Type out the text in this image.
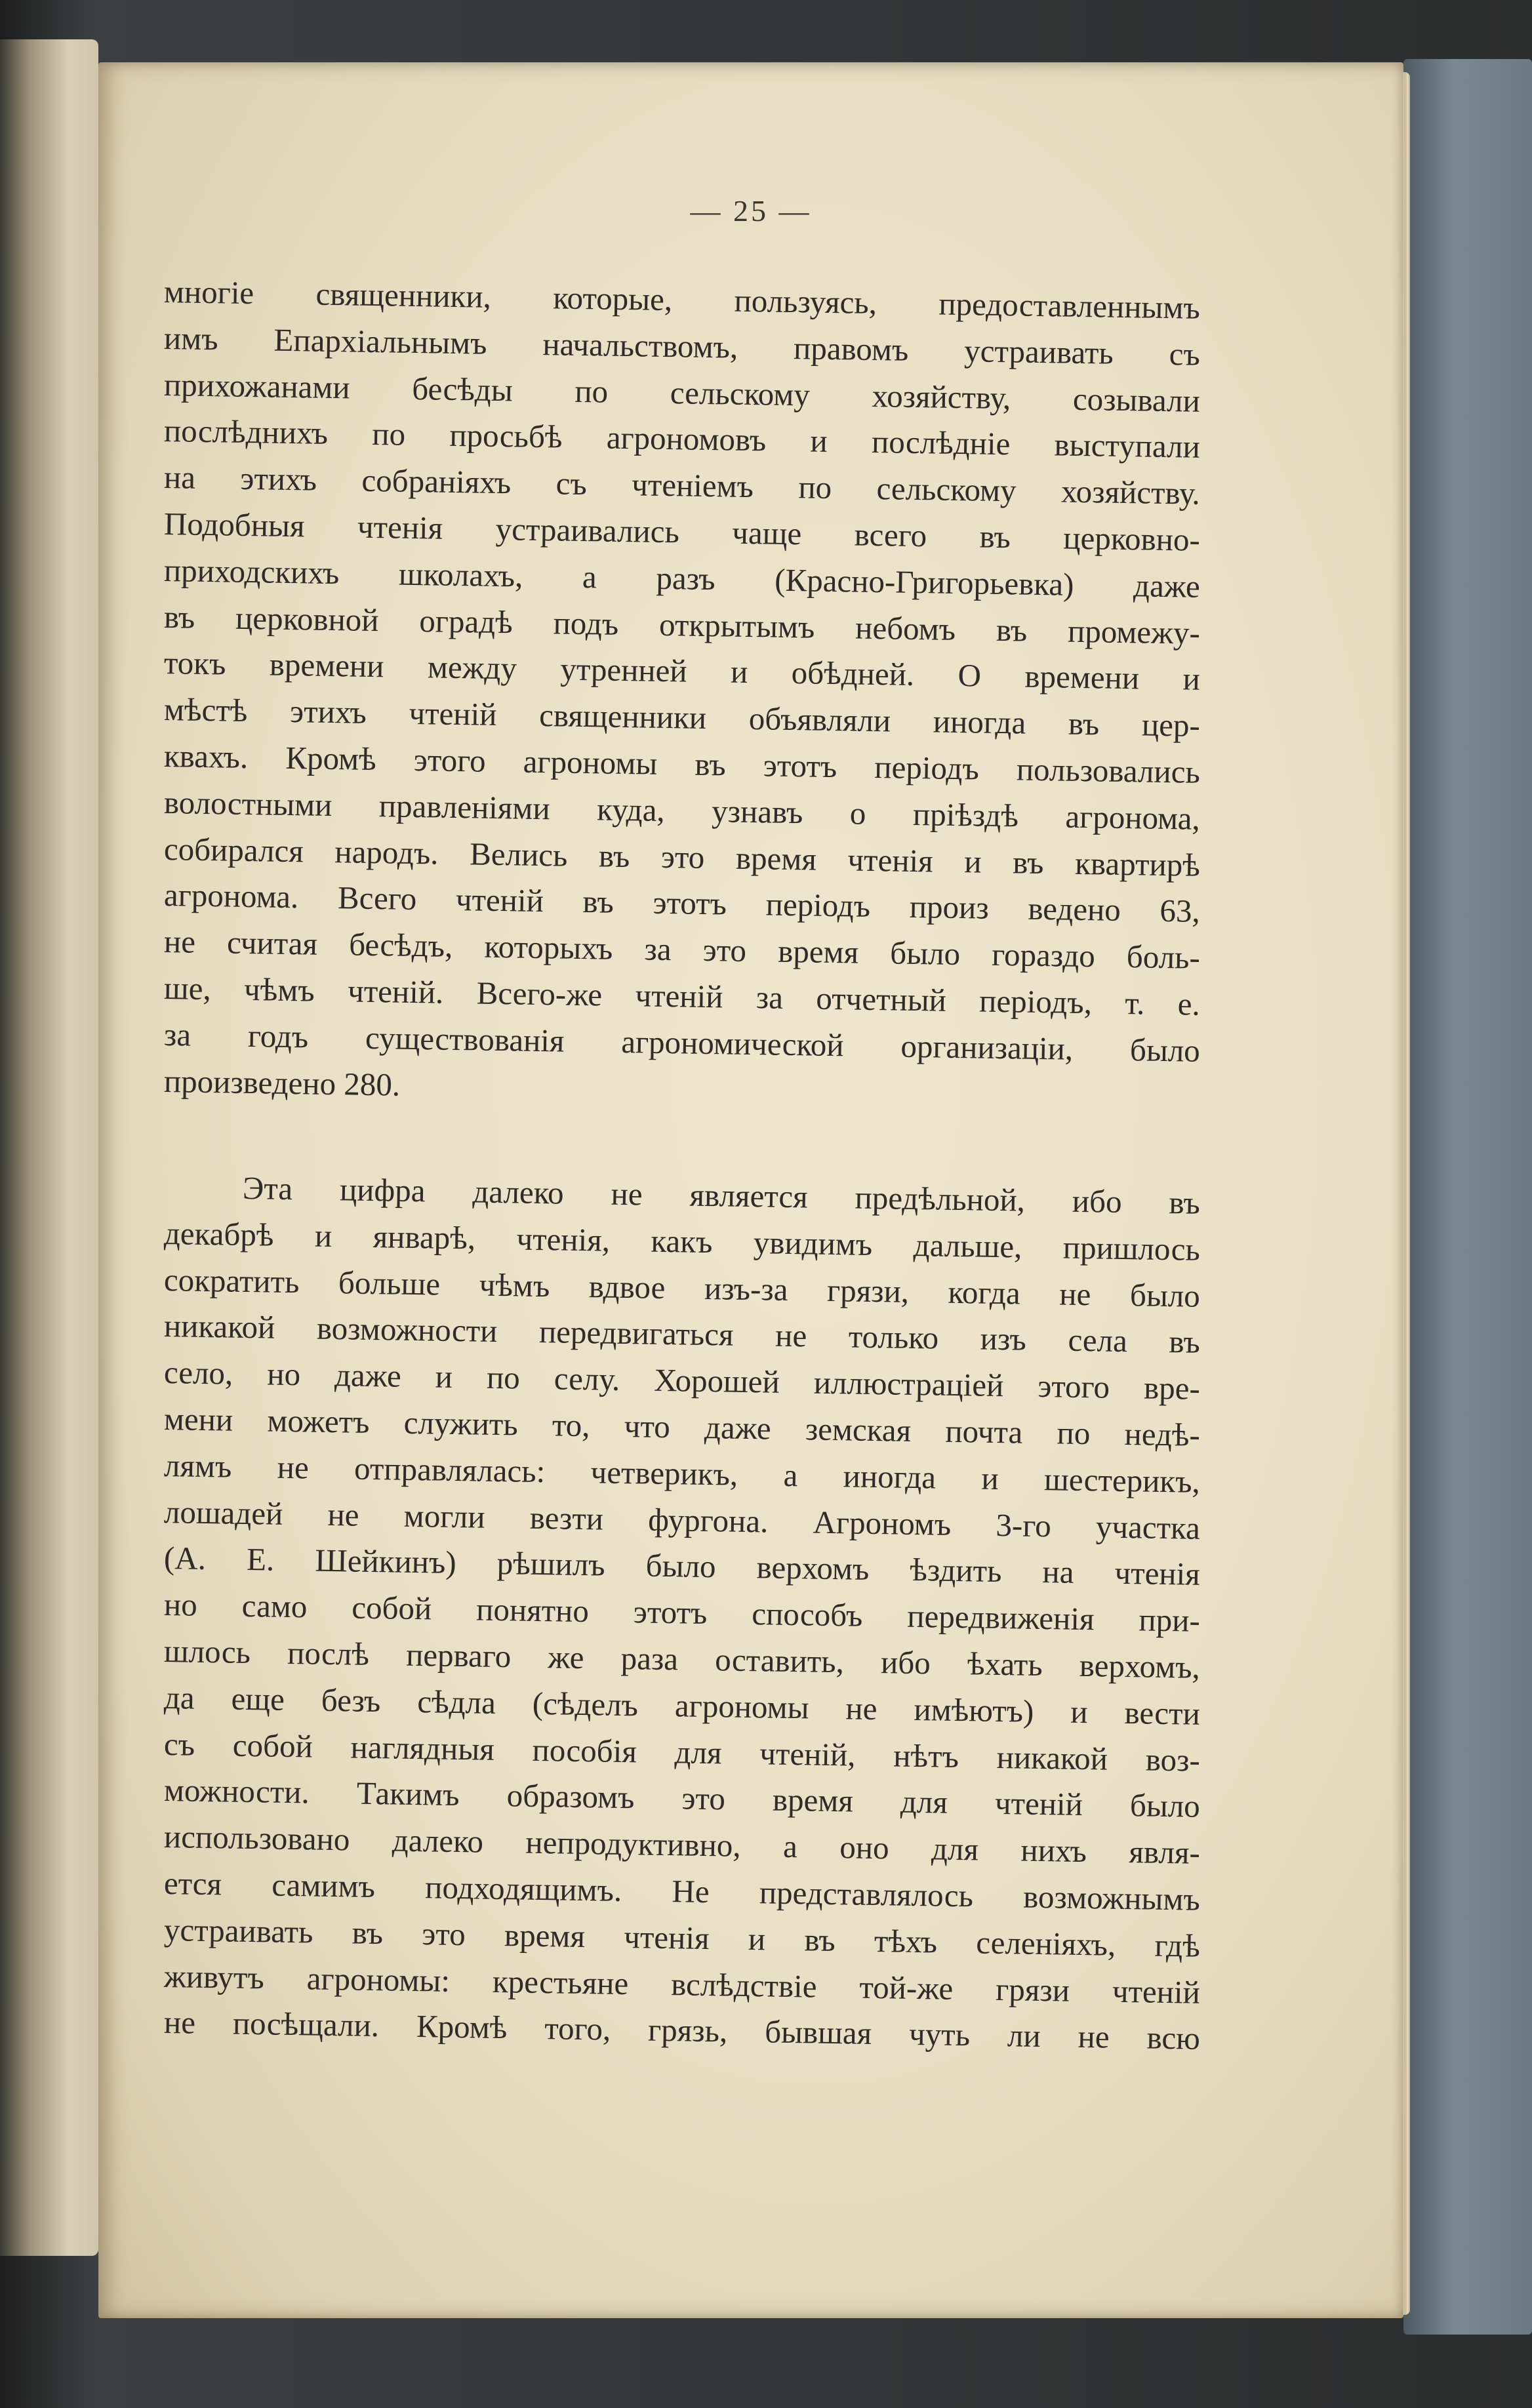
— 25 —
многіе священники, которые, пользуясь, предоставленнымъ
имъ Епархіальнымъ начальствомъ, правомъ устраивать съ
прихожанами бесѣды по сельскому хозяйству, созывали
послѣднихъ по просьбѣ агрономовъ и послѣдніе выступали
на этихъ собраніяхъ съ чтеніемъ по сельскому хозяйству.
Подобныя чтенія устраивались чаще всего въ церковно-
приходскихъ школахъ, а разъ (Красно-Григорьевка) даже
въ церковной оградѣ подъ открытымъ небомъ въ промежу-
токъ времени между утренней и обѣдней. О времени и
мѣстѣ этихъ чтеній священники объявляли иногда въ цер-
квахъ. Кромѣ этого агрономы въ этотъ періодъ пользовались
волостными правленіями куда, узнавъ о пріѣздѣ агронома,
собирался народъ. Велись въ это время чтенія и въ квартирѣ
агронома. Всего чтеній въ этотъ періодъ произ ведено 63,
не считая бесѣдъ, которыхъ за это время было гораздо боль-
ше, чѣмъ чтеній. Всего-же чтеній за отчетный періодъ, т. е.
за годъ существованія агрономической организаціи, было
произведено 280.
Эта цифра далеко не является предѣльной, ибо въ
декабрѣ и январѣ, чтенія, какъ увидимъ дальше, пришлось
сократить больше чѣмъ вдвое изъ-за грязи, когда не было
никакой возможности передвигаться не только изъ села въ
село, но даже и по селу. Хорошей иллюстраціей этого вре-
мени можетъ служить то, что даже земская почта по недѣ-
лямъ не отправлялась: четверикъ, а иногда и шестерикъ,
лошадей не могли везти фургона. Агрономъ 3-го участка
(А. Е. Шейкинъ) рѣшилъ было верхомъ ѣздить на чтенія
но само собой понятно этотъ способъ передвиженія при-
шлось послѣ перваго же раза оставить, ибо ѣхать верхомъ,
да еще безъ сѣдла (сѣделъ агрономы не имѣютъ) и вести
съ собой наглядныя пособія для чтеній, нѣтъ никакой воз-
можности. Такимъ образомъ это время для чтеній было
использовано далеко непродуктивно, а оно для нихъ явля-
ется самимъ подходящимъ. Не представлялось возможнымъ
устраивать въ это время чтенія и въ тѣхъ селеніяхъ, гдѣ
живутъ агрономы: крестьяне вслѣдствіе той-же грязи чтеній
не посѣщали. Кромѣ того, грязь, бывшая чуть ли не всю
